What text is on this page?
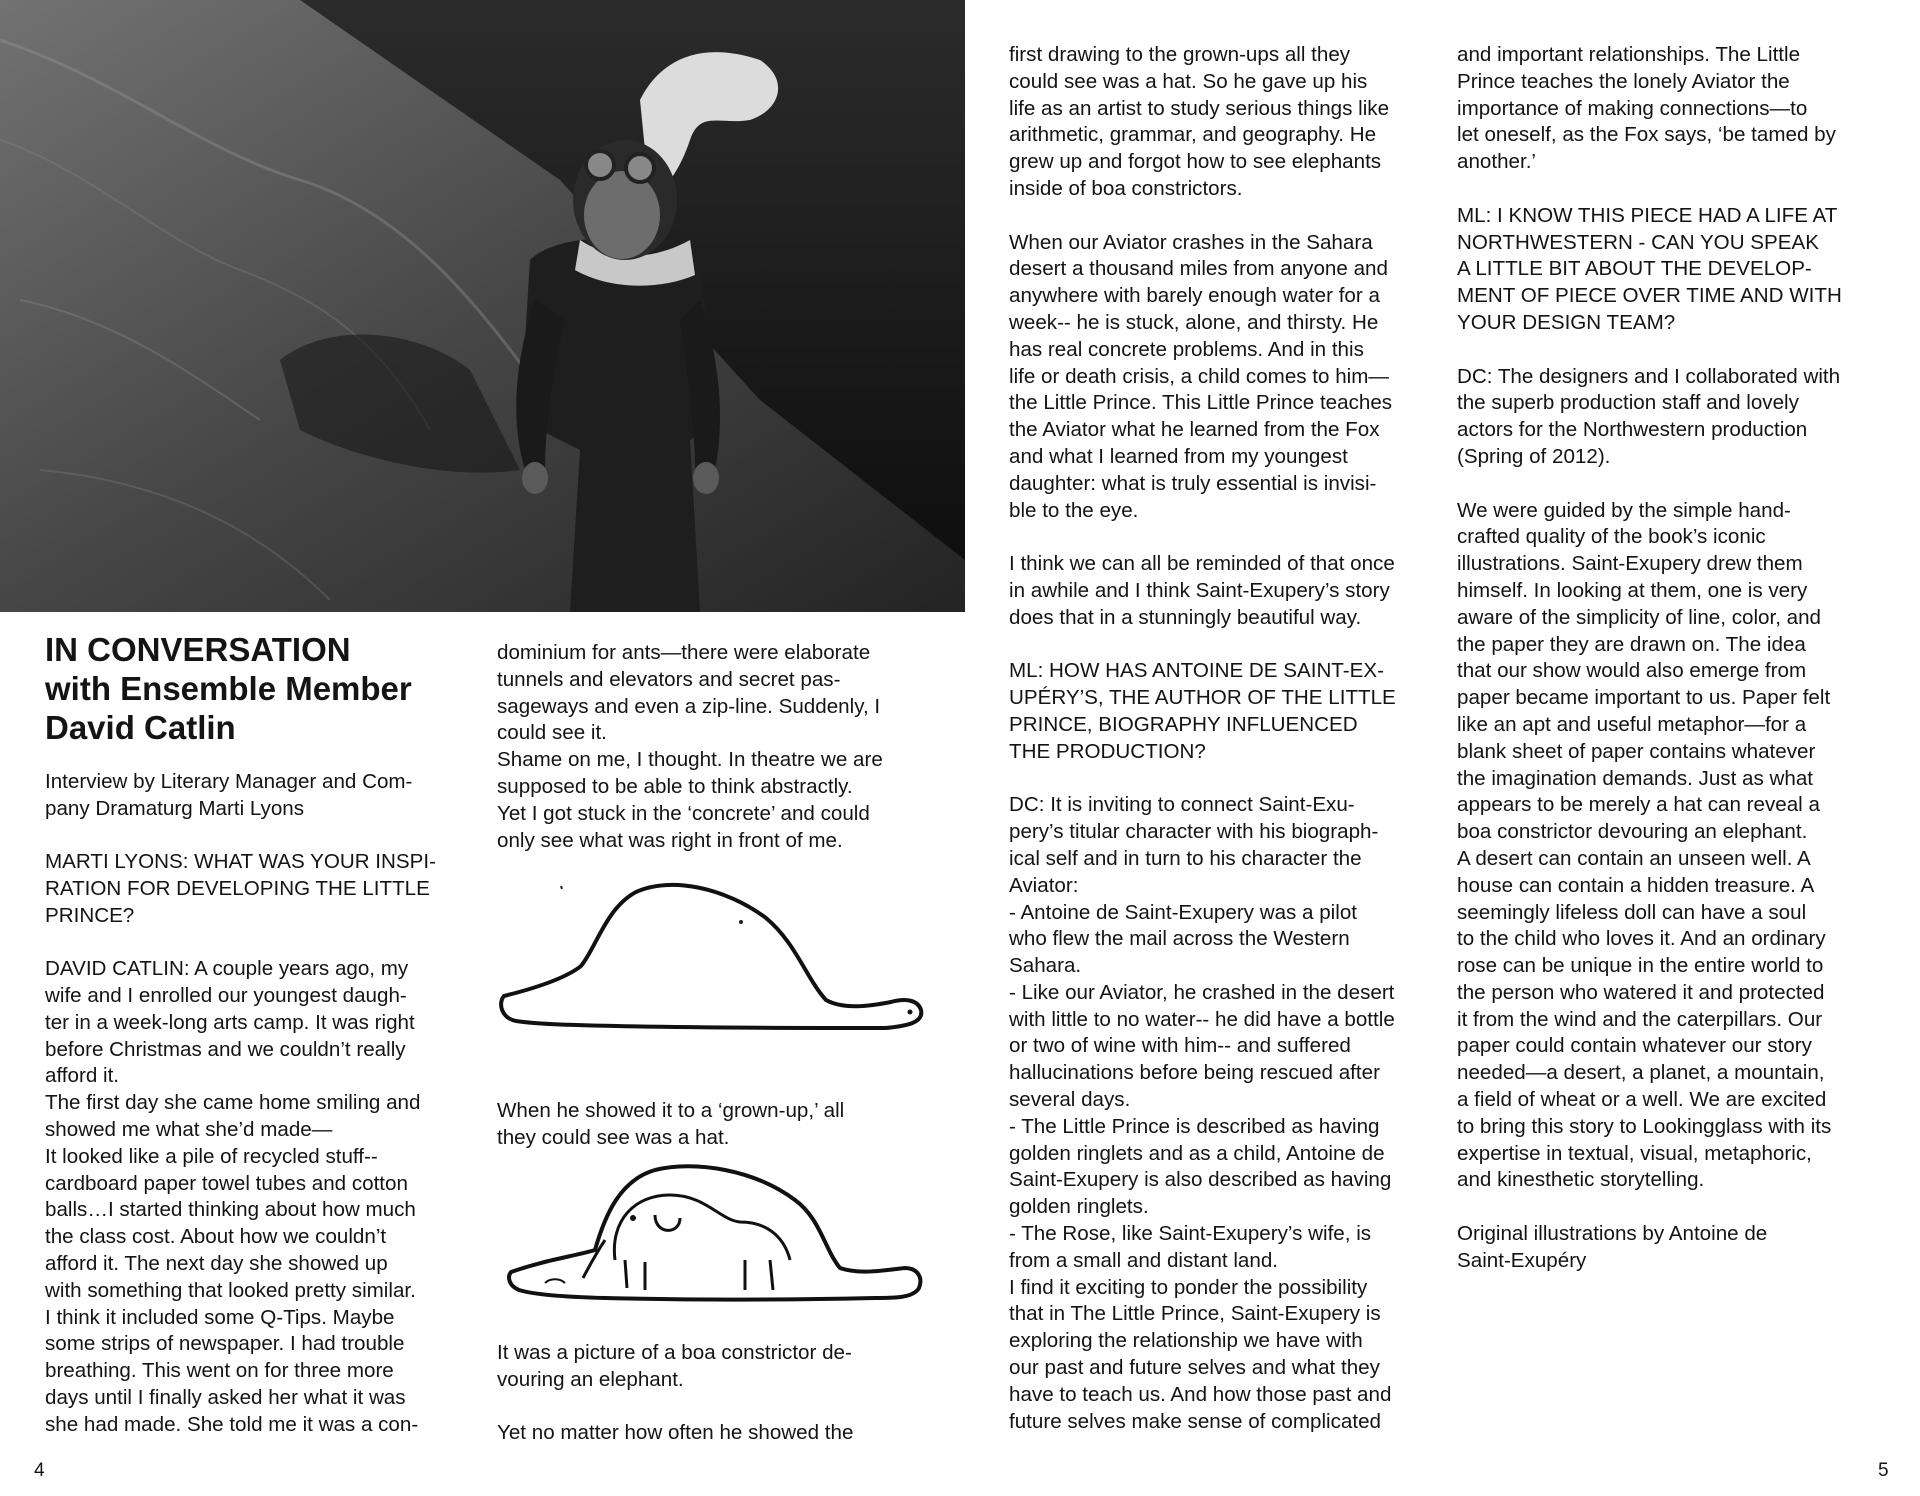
IN CONVERSATION
with Ensemble Member
David Catlin

Interview by Literary Manager and Com-
pany Dramaturg Marti Lyons

MARTI LYONS: WHAT WAS YOUR INSPI-
RATION FOR DEVELOPING THE LITTLE
PRINCE?

DAVID CATLIN: A couple years ago, my
wife and I enrolled our youngest daugh-
ter in a week-long arts camp. It was right
before Christmas and we couldn’t really
afford it.
The first day she came home smiling and
showed me what she’d made—
It looked like a pile of recycled stuff--
cardboard paper towel tubes and cotton
balls…I started thinking about how much
the class cost. About how we couldn’t
afford it. The next day she showed up
with something that looked pretty similar.
I think it included some Q-Tips. Maybe
some strips of newspaper. I had trouble
breathing. This went on for three more
days until I finally asked her what it was
she had made. She told me it was a con-

dominium for ants—there were elaborate
tunnels and elevators and secret pas-
sageways and even a zip-line. Suddenly, I
could see it.
Shame on me, I thought. In theatre we are
supposed to be able to think abstractly.
Yet I got stuck in the ‘concrete’ and could
only see what was right in front of me.

When he showed it to a ‘grown-up,’ all
they could see was a hat.

It was a picture of a boa constrictor de-
vouring an elephant.

Yet no matter how often he showed the

first drawing to the grown-ups all they
could see was a hat. So he gave up his
life as an artist to study serious things like
arithmetic, grammar, and geography. He
grew up and forgot how to see elephants
inside of boa constrictors.

When our Aviator crashes in the Sahara
desert a thousand miles from anyone and
anywhere with barely enough water for a
week-- he is stuck, alone, and thirsty. He
has real concrete problems. And in this
life or death crisis, a child comes to him—
the Little Prince. This Little Prince teaches
the Aviator what he learned from the Fox
and what I learned from my youngest
daughter: what is truly essential is invisi-
ble to the eye.

I think we can all be reminded of that once
in awhile and I think Saint-Exupery’s story
does that in a stunningly beautiful way.

ML: HOW HAS ANTOINE DE SAINT-EX-
UPÉRY’S, THE AUTHOR OF THE LITTLE
PRINCE, BIOGRAPHY INFLUENCED
THE PRODUCTION?

DC: It is inviting to connect Saint-Exu-
pery’s titular character with his biograph-
ical self and in turn to his character the
Aviator:
- Antoine de Saint-Exupery was a pilot
who flew the mail across the Western
Sahara.
- Like our Aviator, he crashed in the desert
with little to no water-- he did have a bottle
or two of wine with him-- and suffered
hallucinations before being rescued after
several days.
- The Little Prince is described as having
golden ringlets and as a child, Antoine de
Saint-Exupery is also described as having
golden ringlets.
- The Rose, like Saint-Exupery’s wife, is
from a small and distant land.
I find it exciting to ponder the possibility
that in The Little Prince, Saint-Exupery is
exploring the relationship we have with
our past and future selves and what they
have to teach us. And how those past and
future selves make sense of complicated

and important relationships. The Little
Prince teaches the lonely Aviator the
importance of making connections—to
let oneself, as the Fox says, ‘be tamed by
another.’

ML: I KNOW THIS PIECE HAD A LIFE AT
NORTHWESTERN - CAN YOU SPEAK
A LITTLE BIT ABOUT THE DEVELOP-
MENT OF PIECE OVER TIME AND WITH
YOUR DESIGN TEAM?

DC: The designers and I collaborated with
the superb production staff and lovely
actors for the Northwestern production
(Spring of 2012).

We were guided by the simple hand-
crafted quality of the book’s iconic
illustrations. Saint-Exupery drew them
himself. In looking at them, one is very
aware of the simplicity of line, color, and
the paper they are drawn on. The idea
that our show would also emerge from
paper became important to us. Paper felt
like an apt and useful metaphor—for a
blank sheet of paper contains whatever
the imagination demands. Just as what
appears to be merely a hat can reveal a
boa constrictor devouring an elephant.
A desert can contain an unseen well. A
house can contain a hidden treasure. A
seemingly lifeless doll can have a soul
to the child who loves it. And an ordinary
rose can be unique in the entire world to
the person who watered it and protected
it from the wind and the caterpillars. Our
paper could contain whatever our story
needed—a desert, a planet, a mountain,
a field of wheat or a well. We are excited
to bring this story to Lookingglass with its
expertise in textual, visual, metaphoric,
and kinesthetic storytelling.

Original illustrations by Antoine de
Saint-Exupéry

4	5
